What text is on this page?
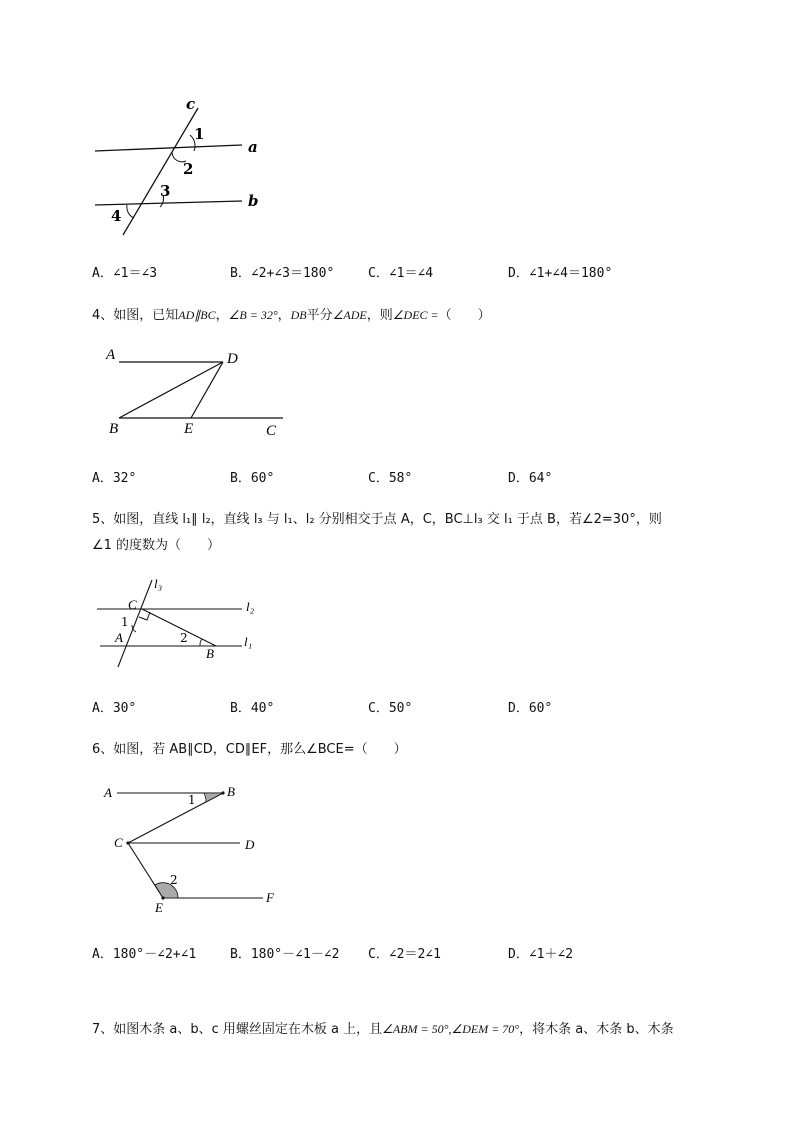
c
a
b
1
2
3
4
A．∠1＝∠3	B．∠2+∠3＝180°	C．∠1＝∠4	D．∠1+∠4＝180°
4、如图，已知AD∥BC，∠B = 32°，DB平分∠ADE，则∠DEC =（　　）
A	D
B	E	C
A．32°	B．60°	C．58°	D．64°
5、如图，直线 l₁∥ l₂，直线 l₃ 与 l₁、l₂ 分别相交于点 A，C，BC⊥l₃ 交 l₁ 于点 B，若∠2=30°，则
∠1 的度数为（　　）
l₃
l₂
l₁
C
A
B
1
2
A．30°	B．40°	C．50°	D．60°
6、如图，若 AB∥CD，CD∥EF，那么∠BCE=（　　）
A	B
C	D
E
F
1
2
A．180°－∠2+∠1	B．180°－∠1－∠2 C．∠2＝2∠1	D．∠1＋∠2
7、如图木条 a、b、c 用螺丝固定在木板 a 上，且∠ABM = 50°,∠DEM = 70°，将木条 a、木条 b、木条
